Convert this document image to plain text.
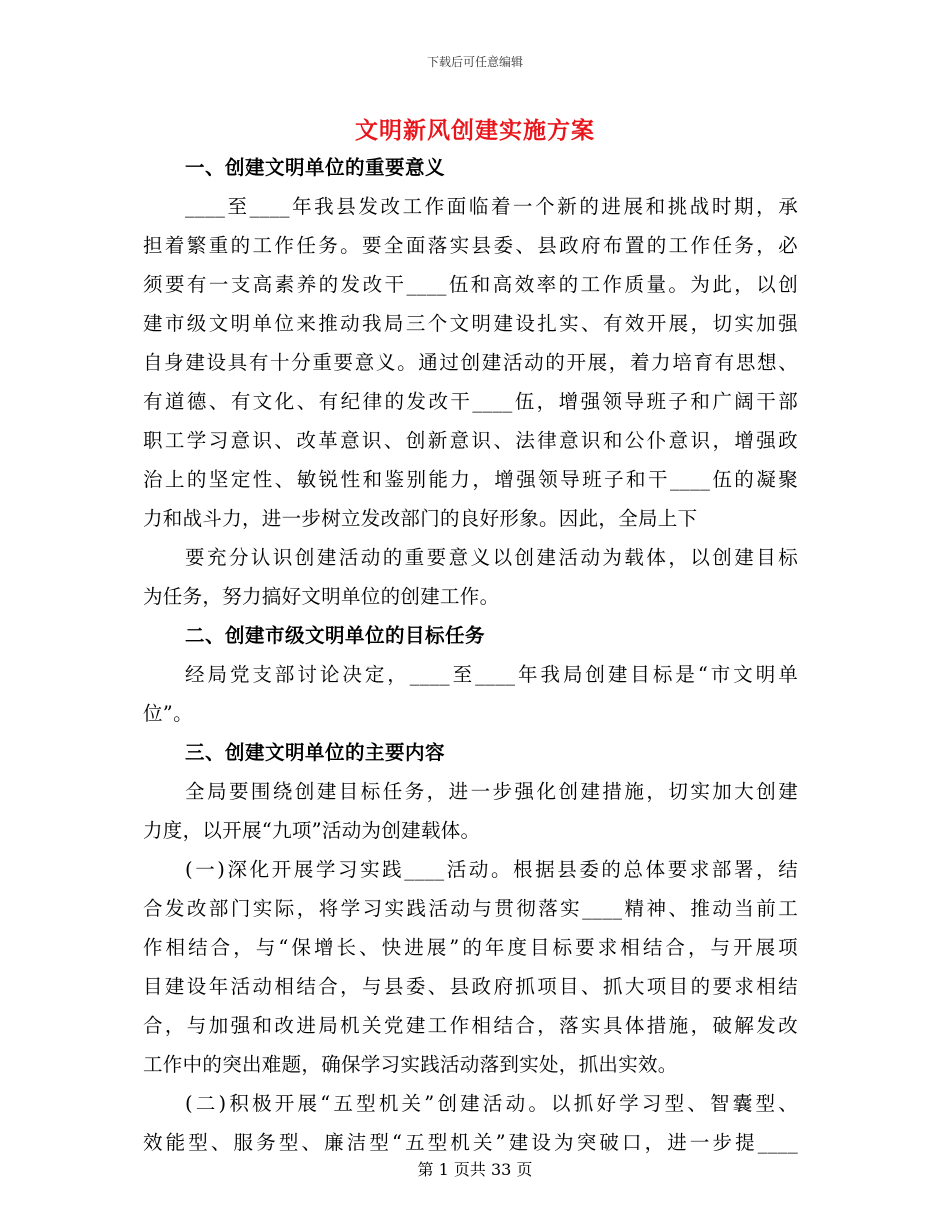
下载后可任意编辑
文明新风创建实施方案
一、创建文明单位的重要意义
____至____年我县发改工作面临着一个新的进展和挑战时期，承
担着繁重的工作任务。要全面落实县委、县政府布置的工作任务，必
须要有一支高素养的发改干____伍和高效率的工作质量。为此，以创
建市级文明单位来推动我局三个文明建设扎实、有效开展，切实加强
自身建设具有十分重要意义。通过创建活动的开展，着力培育有思想、
有道德、有文化、有纪律的发改干____伍，增强领导班子和广阔干部
职工学习意识、改革意识、创新意识、法律意识和公仆意识，增强政
治上的坚定性、敏锐性和鉴别能力，增强领导班子和干____伍的凝聚
力和战斗力，进一步树立发改部门的良好形象。因此，全局上下
要充分认识创建活动的重要意义以创建活动为载体，以创建目标
为任务，努力搞好文明单位的创建工作。
二、创建市级文明单位的目标任务
经局党支部讨论决定，____至____年我局创建目标是“市文明单
位”。
三、创建文明单位的主要内容
全局要围绕创建目标任务，进一步强化创建措施，切实加大创建
力度，以开展“九项”活动为创建载体。
(一)深化开展学习实践____活动。根据县委的总体要求部署，结
合发改部门实际，将学习实践活动与贯彻落实____精神、推动当前工
作相结合，与“保增长、快进展”的年度目标要求相结合，与开展项
目建设年活动相结合，与县委、县政府抓项目、抓大项目的要求相结
合，与加强和改进局机关党建工作相结合，落实具体措施，破解发改
工作中的突出难题，确保学习实践活动落到实处，抓出实效。
(二)积极开展“五型机关”创建活动。以抓好学习型、智囊型、
效能型、服务型、廉洁型“五型机关”建设为突破口，进一步提____
第 1 页共 33 页
